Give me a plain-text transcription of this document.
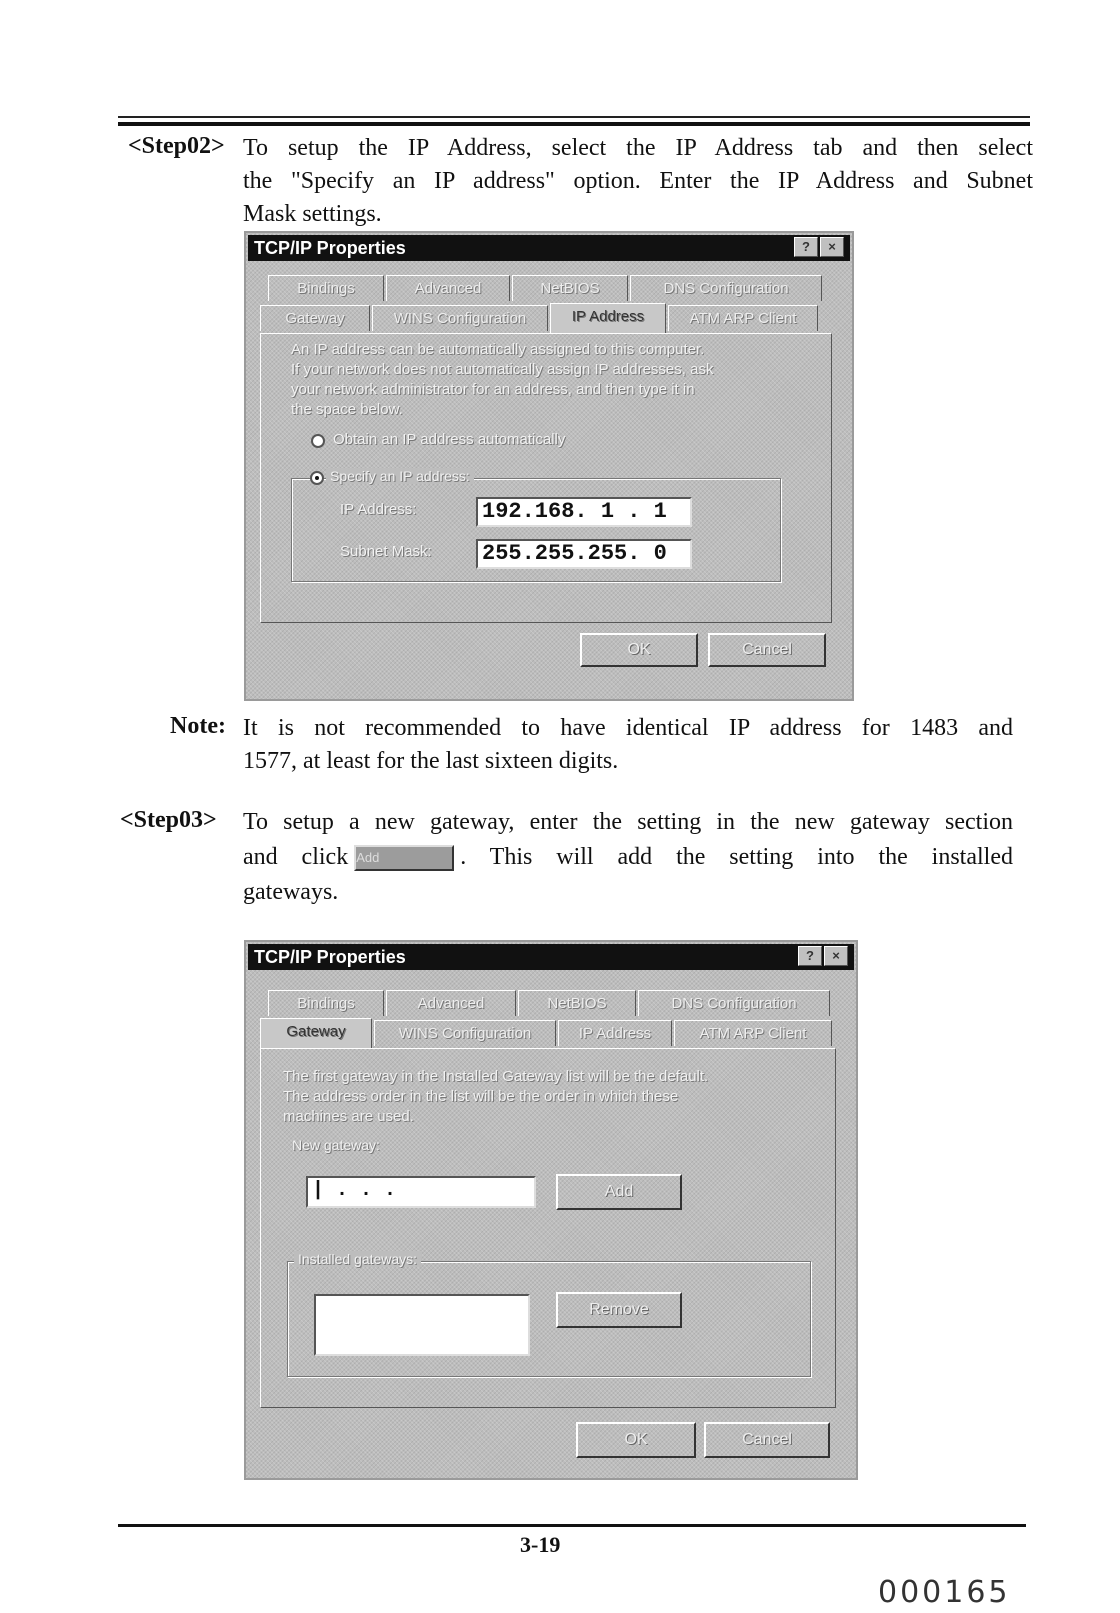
<Step02> To setup the IP Address, select the IP Address tab and then select
the "Specify an IP address" option. Enter the IP Address and Subnet
Mask settings.
TCP/IP Properties	?	×
Bindings	Advanced	NetBIOS	DNS Configuration
Gateway	WINS Configuration	IP Address	ATM ARP Client
An IP address can be automatically assigned to this computer.
If your network does not automatically assign IP addresses, ask
your network administrator for an address, and then type it in
the space below.
Obtain an IP address automatically
Specify an IP address:
IP Address:	192.168. 1 . 1
Subnet Mask: 255.255.255. 0
OK	Cancel
Note: It is not recommended to have identical IP address for 1483 and
1577, at least for the last sixteen digits.
<Step03> To setup a new gateway, enter the setting in the new gateway section
and click Add	. This will add the setting into the installed
gateways.
TCP/IP Properties	?	×
Bindings	Advanced	NetBIOS	DNS Configuration
Gateway	WINS Configuration	IP Address	ATM ARP Client
The first gateway in the Installed Gateway list will be the default.
The address order in the list will be the order in which these
machines are used.
New gateway:
| . . .	Add
Installed gateways:
Remove
OK	Cancel
3-19
000165
